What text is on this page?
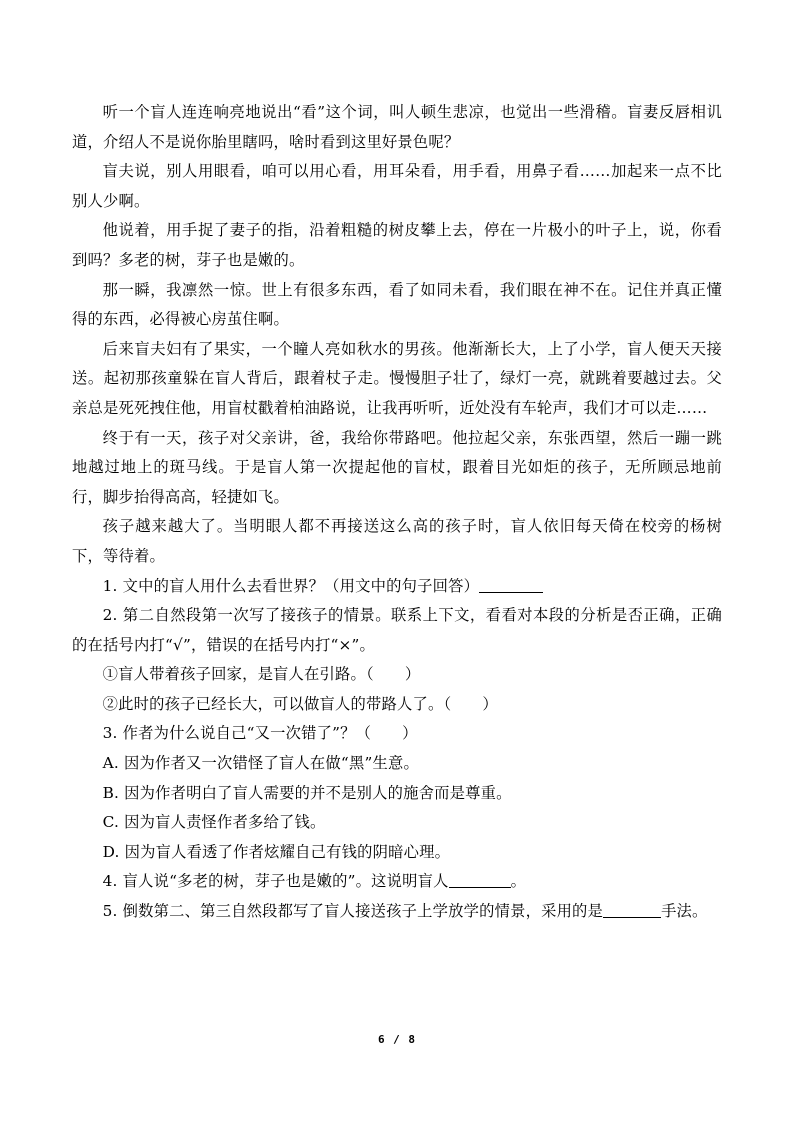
听一个盲人连连响亮地说出“看”这个词，叫人顿生悲凉，也觉出一些滑稽。盲妻反唇相讥道，介绍人不是说你胎里瞎吗，啥时看到这里好景色呢？

盲夫说，别人用眼看，咱可以用心看，用耳朵看，用手看，用鼻子看……加起来一点不比别人少啊。

他说着，用手捉了妻子的指，沿着粗糙的树皮攀上去，停在一片极小的叶子上，说，你看到吗？多老的树，芽子也是嫩的。

那一瞬，我凛然一惊。世上有很多东西，看了如同未看，我们眼在神不在。记住并真正懂得的东西，必得被心房茧住啊。

后来盲夫妇有了果实，一个瞳人亮如秋水的男孩。他渐渐长大，上了小学，盲人便天天接送。起初那孩童躲在盲人背后，跟着杖子走。慢慢胆子壮了，绿灯一亮，就跳着要越过去。父亲总是死死拽住他，用盲杖戳着柏油路说，让我再听听，近处没有车轮声，我们才可以走……

终于有一天，孩子对父亲讲，爸，我给你带路吧。他拉起父亲，东张西望，然后一蹦一跳地越过地上的斑马线。于是盲人第一次提起他的盲杖，跟着目光如炬的孩子，无所顾忌地前行，脚步抬得高高，轻捷如飞。

孩子越来越大了。当明眼人都不再接送这么高的孩子时，盲人依旧每天倚在校旁的杨树下，等待着。

1. 文中的盲人用什么去看世界？（用文中的句子回答）

2. 第二自然段第一次写了接孩子的情景。联系上下文，看看对本段的分析是否正确，正确的在括号内打“√”，错误的在括号内打“×”。

①盲人带着孩子回家，是盲人在引路。（　　）

②此时的孩子已经长大，可以做盲人的带路人了。（　　）

3. 作者为什么说自己“又一次错了”？（　　）

A. 因为作者又一次错怪了盲人在做“黑”生意。

B. 因为作者明白了盲人需要的并不是别人的施舍而是尊重。

C. 因为盲人责怪作者多给了钱。

D. 因为盲人看透了作者炫耀自己有钱的阴暗心理。

4. 盲人说“多老的树，芽子也是嫩的”。这说明盲人	。

5. 倒数第二、第三自然段都写了盲人接送孩子上学放学的情景，采用的是	手法。

6 / 8
